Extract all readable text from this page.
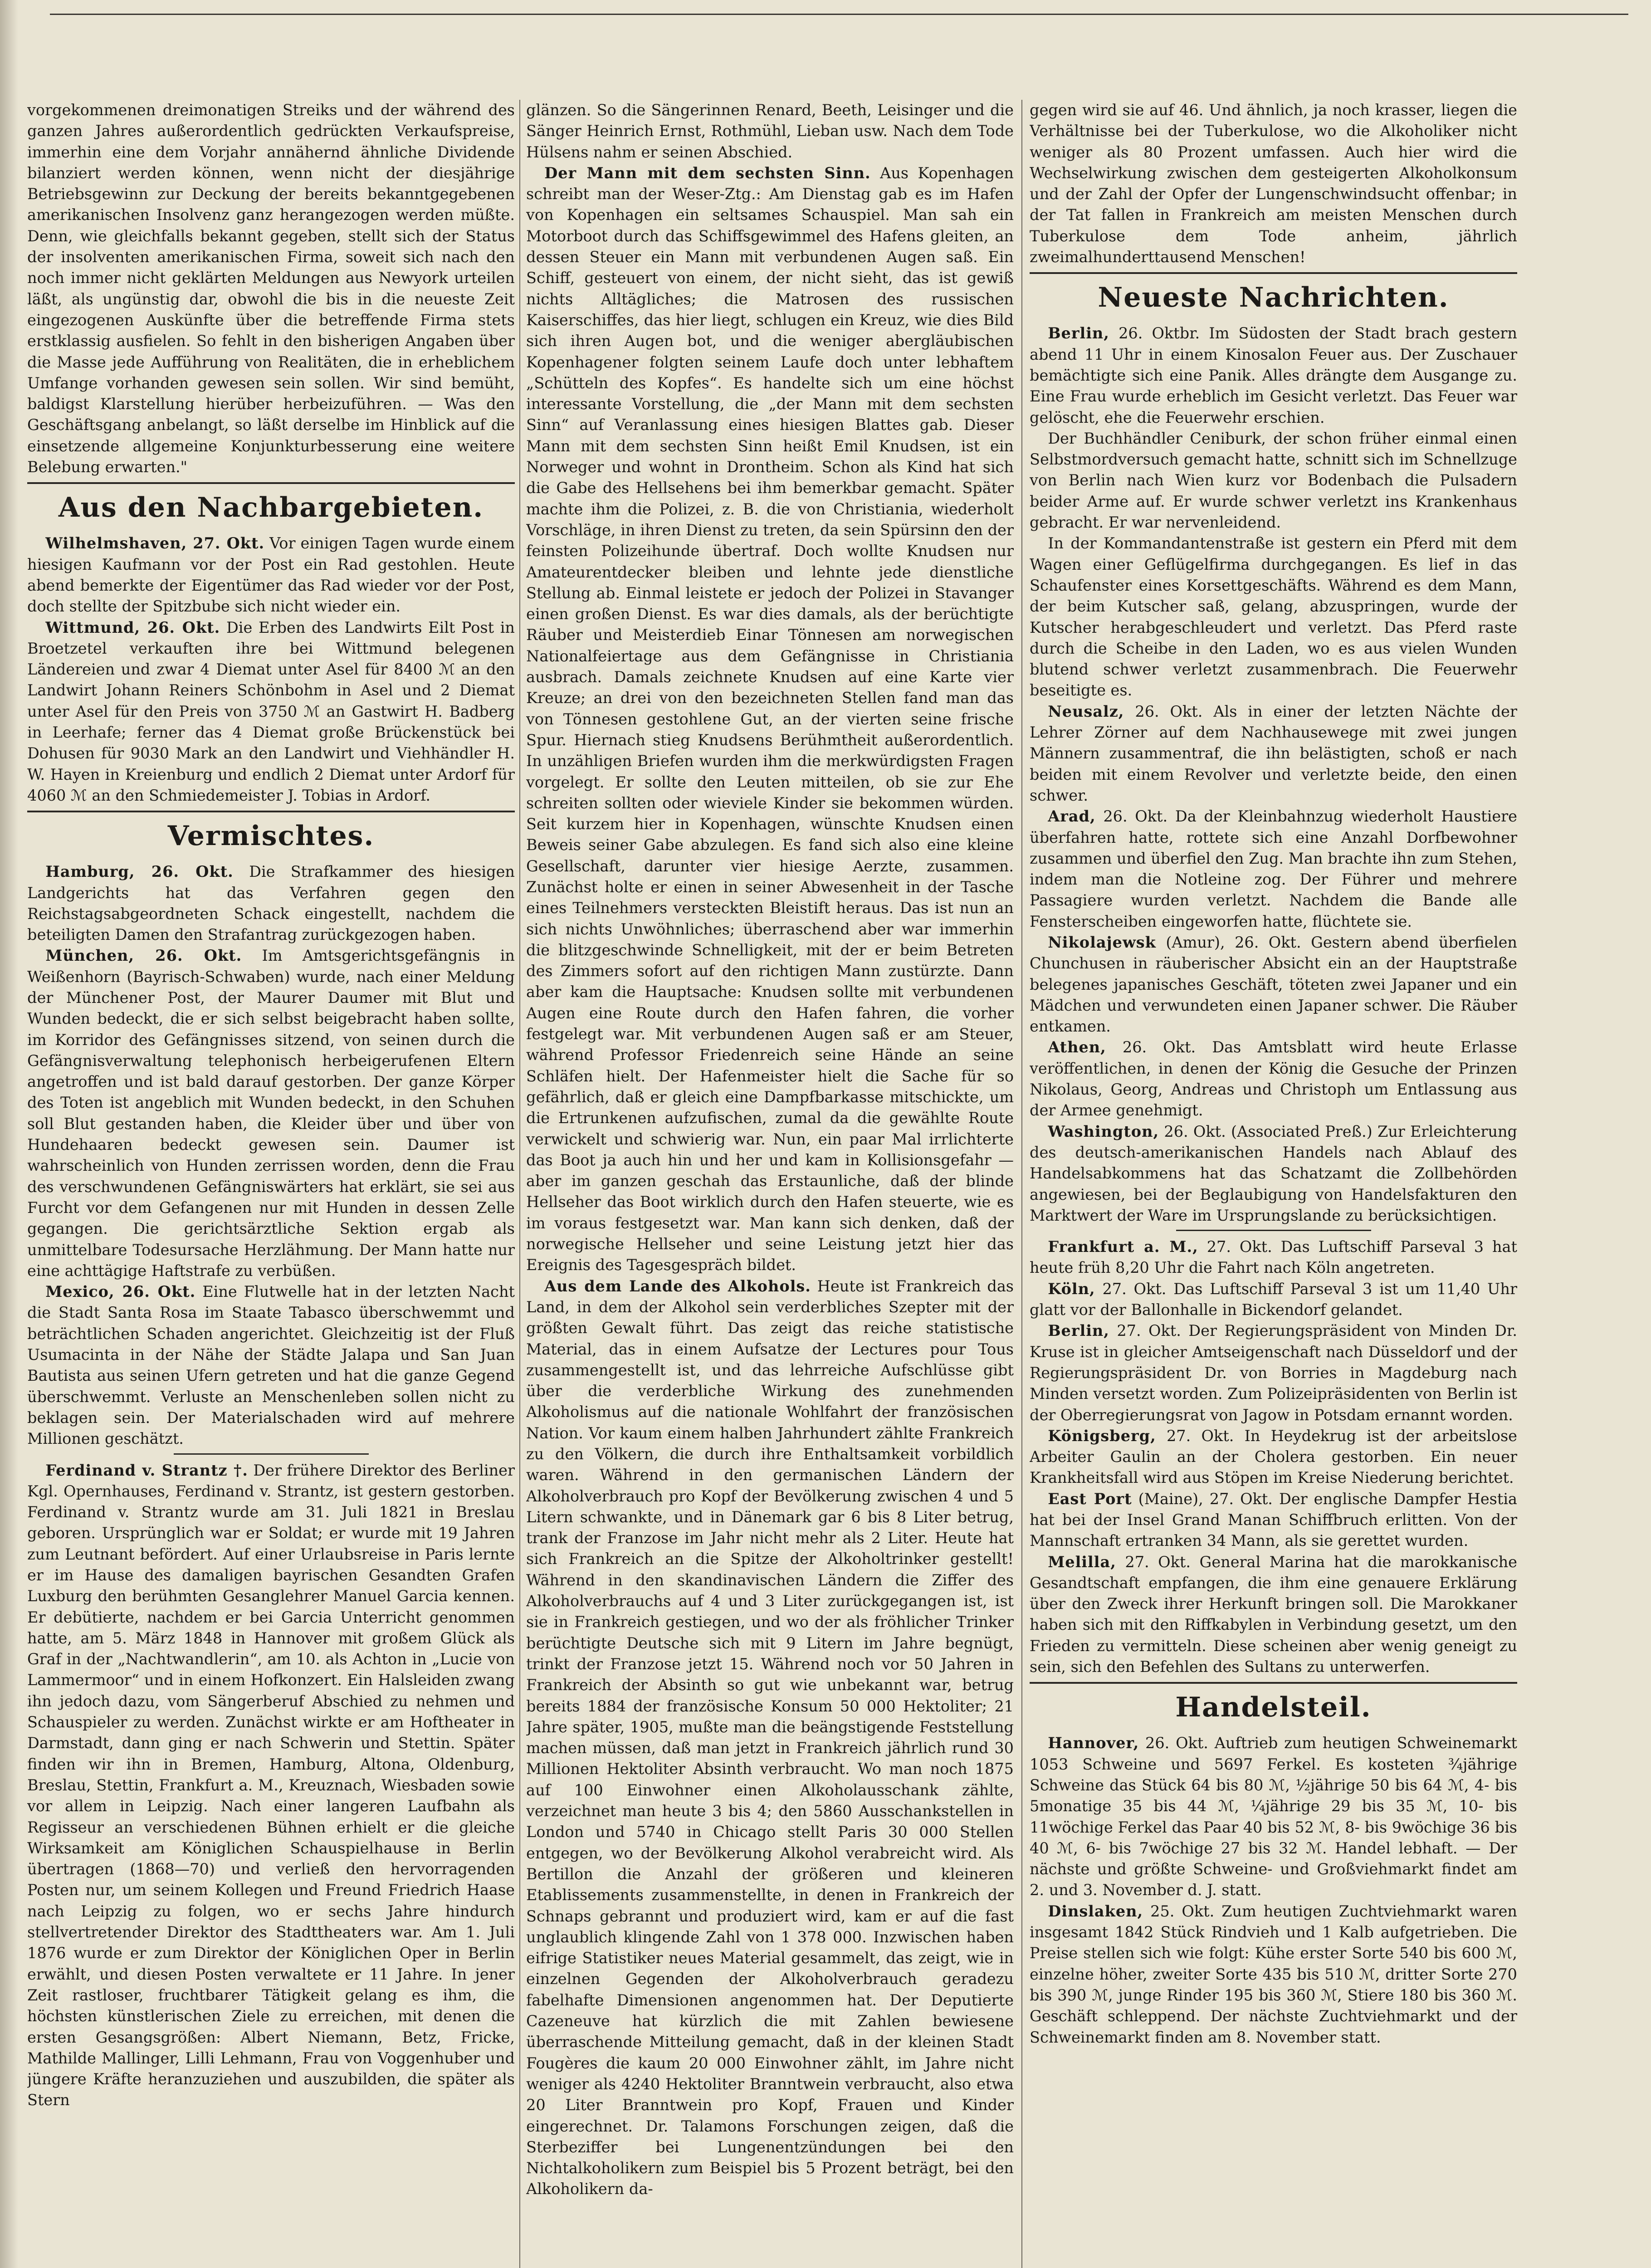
vorgekommenen dreimonatigen Streiks und der während des ganzen Jahres außerordentlich gedrückten Verkaufspreise, immerhin eine dem Vorjahr annähernd ähnliche Dividende bilanziert werden können, wenn nicht der diesjährige Betriebsgewinn zur Deckung der bereits bekanntgegebenen amerikanischen Insolvenz ganz herangezogen werden müßte. Denn, wie gleichfalls bekannt gegeben, stellt sich der Status der insolventen amerikanischen Firma, soweit sich nach den noch immer nicht geklärten Meldungen aus Newyork urteilen läßt, als ungünstig dar, obwohl die bis in die neueste Zeit eingezogenen Auskünfte über die betreffende Firma stets erstklassig ausfielen. So fehlt in den bisherigen Angaben über die Masse jede Aufführung von Realitäten, die in erheblichem Umfange vorhanden gewesen sein sollen. Wir sind bemüht, baldigst Klarstellung hierüber herbeizuführen. — Was den Geschäftsgang anbelangt, so läßt derselbe im Hinblick auf die einsetzende allgemeine Konjunkturbesserung eine weitere Belebung erwarten."

Aus den Nachbargebieten.

Wilhelmshaven, 27. Okt. Vor einigen Tagen wurde einem hiesigen Kaufmann vor der Post ein Rad gestohlen. Heute abend bemerkte der Eigentümer das Rad wieder vor der Post, doch stellte der Spitzbube sich nicht wieder ein.

Wittmund, 26. Okt. Die Erben des Landwirts Eilt Post in Broetzetel verkauften ihre bei Wittmund belegenen Ländereien und zwar 4 Diemat unter Asel für 8400 ℳ an den Landwirt Johann Reiners Schönbohm in Asel und 2 Diemat unter Asel für den Preis von 3750 ℳ an Gastwirt H. Badberg in Leerhafe; ferner das 4 Diemat große Brückenstück bei Dohusen für 9030 Mark an den Landwirt und Viehhändler H. W. Hayen in Kreienburg und endlich 2 Diemat unter Ardorf für 4060 ℳ an den Schmiedemeister J. Tobias in Ardorf.

Vermischtes.

Hamburg, 26. Okt. Die Strafkammer des hiesigen Landgerichts hat das Verfahren gegen den Reichstagsabgeordneten Schack eingestellt, nachdem die beteiligten Damen den Strafantrag zurückgezogen haben.

München, 26. Okt. Im Amtsgerichtsgefängnis in Weißenhorn (Bayrisch-Schwaben) wurde, nach einer Meldung der Münchener Post, der Maurer Daumer mit Blut und Wunden bedeckt, die er sich selbst beigebracht haben sollte, im Korridor des Gefängnisses sitzend, von seinen durch die Gefängnisverwaltung telephonisch herbeigerufenen Eltern angetroffen und ist bald darauf gestorben. Der ganze Körper des Toten ist angeblich mit Wunden bedeckt, in den Schuhen soll Blut gestanden haben, die Kleider über und über von Hundehaaren bedeckt gewesen sein. Daumer ist wahrscheinlich von Hunden zerrissen worden, denn die Frau des verschwundenen Gefängniswärters hat erklärt, sie sei aus Furcht vor dem Gefangenen nur mit Hunden in dessen Zelle gegangen. Die gerichtsärztliche Sektion ergab als unmittelbare Todesursache Herzlähmung. Der Mann hatte nur eine achttägige Haftstrafe zu verbüßen.

Mexico, 26. Okt. Eine Flutwelle hat in der letzten Nacht die Stadt Santa Rosa im Staate Tabasco überschwemmt und beträchtlichen Schaden angerichtet. Gleichzeitig ist der Fluß Usumacinta in der Nähe der Städte Jalapa und San Juan Bautista aus seinen Ufern getreten und hat die ganze Gegend überschwemmt. Verluste an Menschenleben sollen nicht zu beklagen sein. Der Materialschaden wird auf mehrere Millionen geschätzt.

Ferdinand v. Strantz †. Der frühere Direktor des Berliner Kgl. Opernhauses, Ferdinand v. Strantz, ist gestern gestorben. Ferdinand v. Strantz wurde am 31. Juli 1821 in Breslau geboren. Ursprünglich war er Soldat; er wurde mit 19 Jahren zum Leutnant befördert. Auf einer Urlaubsreise in Paris lernte er im Hause des damaligen bayrischen Gesandten Grafen Luxburg den berühmten Gesanglehrer Manuel Garcia kennen. Er debütierte, nachdem er bei Garcia Unterricht genommen hatte, am 5. März 1848 in Hannover mit großem Glück als Graf in der „Nachtwandlerin“, am 10. als Achton in „Lucie von Lammermoor“ und in einem Hofkonzert. Ein Halsleiden zwang ihn jedoch dazu, vom Sängerberuf Abschied zu nehmen und Schauspieler zu werden. Zunächst wirkte er am Hoftheater in Darmstadt, dann ging er nach Schwerin und Stettin. Später finden wir ihn in Bremen, Hamburg, Altona, Oldenburg, Breslau, Stettin, Frankfurt a. M., Kreuznach, Wiesbaden sowie vor allem in Leipzig. Nach einer langeren Laufbahn als Regisseur an verschiedenen Bühnen erhielt er die gleiche Wirksamkeit am Königlichen Schauspielhause in Berlin übertragen (1868—70) und verließ den hervorragenden Posten nur, um seinem Kollegen und Freund Friedrich Haase nach Leipzig zu folgen, wo er sechs Jahre hindurch stellvertretender Direktor des Stadttheaters war. Am 1. Juli 1876 wurde er zum Direktor der Königlichen Oper in Berlin erwählt, und diesen Posten verwaltete er 11 Jahre. In jener Zeit rastloser, fruchtbarer Tätigkeit gelang es ihm, die höchsten künstlerischen Ziele zu erreichen, mit denen die ersten Gesangsgrößen: Albert Niemann, Betz, Fricke, Mathilde Mallinger, Lilli Lehmann, Frau von Voggenhuber und jüngere Kräfte heranzuziehen und auszubilden, die später als Stern

glänzen. So die Sängerinnen Renard, Beeth, Leisinger und die Sänger Heinrich Ernst, Rothmühl, Lieban usw. Nach dem Tode Hülsens nahm er seinen Abschied.

Der Mann mit dem sechsten Sinn. Aus Kopenhagen schreibt man der Weser-Ztg.: Am Dienstag gab es im Hafen von Kopenhagen ein seltsames Schauspiel. Man sah ein Motorboot durch das Schiffsgewimmel des Hafens gleiten, an dessen Steuer ein Mann mit verbundenen Augen saß. Ein Schiff, gesteuert von einem, der nicht sieht, das ist gewiß nichts Alltägliches; die Matrosen des russischen Kaiserschiffes, das hier liegt, schlugen ein Kreuz, wie dies Bild sich ihren Augen bot, und die weniger abergläubischen Kopenhagener folgten seinem Laufe doch unter lebhaftem „Schütteln des Kopfes“. Es handelte sich um eine höchst interessante Vorstellung, die „der Mann mit dem sechsten Sinn“ auf Veranlassung eines hiesigen Blattes gab. Dieser Mann mit dem sechsten Sinn heißt Emil Knudsen, ist ein Norweger und wohnt in Drontheim. Schon als Kind hat sich die Gabe des Hellsehens bei ihm bemerkbar gemacht. Später machte ihm die Polizei, z. B. die von Christiania, wiederholt Vorschläge, in ihren Dienst zu treten, da sein Spürsinn den der feinsten Polizeihunde übertraf. Doch wollte Knudsen nur Amateurentdecker bleiben und lehnte jede dienstliche Stellung ab. Einmal leistete er jedoch der Polizei in Stavanger einen großen Dienst. Es war dies damals, als der berüchtigte Räuber und Meisterdieb Einar Tönnesen am norwegischen Nationalfeiertage aus dem Gefängnisse in Christiania ausbrach. Damals zeichnete Knudsen auf eine Karte vier Kreuze; an drei von den bezeichneten Stellen fand man das von Tönnesen gestohlene Gut, an der vierten seine frische Spur. Hiernach stieg Knudsens Berühmtheit außerordentlich. In unzähligen Briefen wurden ihm die merkwürdigsten Fragen vorgelegt. Er sollte den Leuten mitteilen, ob sie zur Ehe schreiten sollten oder wieviele Kinder sie bekommen würden. Seit kurzem hier in Kopenhagen, wünschte Knudsen einen Beweis seiner Gabe abzulegen. Es fand sich also eine kleine Gesellschaft, darunter vier hiesige Aerzte, zusammen. Zunächst holte er einen in seiner Abwesenheit in der Tasche eines Teilnehmers versteckten Bleistift heraus. Das ist nun an sich nichts Unwöhnliches; überraschend aber war immerhin die blitzgeschwinde Schnelligkeit, mit der er beim Betreten des Zimmers sofort auf den richtigen Mann zustürzte. Dann aber kam die Hauptsache: Knudsen sollte mit verbundenen Augen eine Route durch den Hafen fahren, die vorher festgelegt war. Mit verbundenen Augen saß er am Steuer, während Professor Friedenreich seine Hände an seine Schläfen hielt. Der Hafenmeister hielt die Sache für so gefährlich, daß er gleich eine Dampfbarkasse mitschickte, um die Ertrunkenen aufzufischen, zumal da die gewählte Route verwickelt und schwierig war. Nun, ein paar Mal irrlichterte das Boot ja auch hin und her und kam in Kollisionsgefahr — aber im ganzen geschah das Erstaunliche, daß der blinde Hellseher das Boot wirklich durch den Hafen steuerte, wie es im voraus festgesetzt war. Man kann sich denken, daß der norwegische Hellseher und seine Leistung jetzt hier das Ereignis des Tagesgespräch bildet.

Aus dem Lande des Alkohols. Heute ist Frankreich das Land, in dem der Alkohol sein verderbliches Szepter mit der größten Gewalt führt. Das zeigt das reiche statistische Material, das in einem Aufsatze der Lectures pour Tous zusammengestellt ist, und das lehrreiche Aufschlüsse gibt über die verderbliche Wirkung des zunehmenden Alkoholismus auf die nationale Wohlfahrt der französischen Nation. Vor kaum einem halben Jahrhundert zählte Frankreich zu den Völkern, die durch ihre Enthaltsamkeit vorbildlich waren. Während in den germanischen Ländern der Alkoholverbrauch pro Kopf der Bevölkerung zwischen 4 und 5 Litern schwankte, und in Dänemark gar 6 bis 8 Liter betrug, trank der Franzose im Jahr nicht mehr als 2 Liter. Heute hat sich Frankreich an die Spitze der Alkoholtrinker gestellt! Während in den skandinavischen Ländern die Ziffer des Alkoholverbrauchs auf 4 und 3 Liter zurückgegangen ist, ist sie in Frankreich gestiegen, und wo der als fröhlicher Trinker berüchtigte Deutsche sich mit 9 Litern im Jahre begnügt, trinkt der Franzose jetzt 15. Während noch vor 50 Jahren in Frankreich der Absinth so gut wie unbekannt war, betrug bereits 1884 der französische Konsum 50 000 Hektoliter; 21 Jahre später, 1905, mußte man die beängstigende Feststellung machen müssen, daß man jetzt in Frankreich jährlich rund 30 Millionen Hektoliter Absinth verbraucht. Wo man noch 1875 auf 100 Einwohner einen Alkoholausschank zählte, verzeichnet man heute 3 bis 4; den 5860 Ausschankstellen in London und 5740 in Chicago stellt Paris 30 000 Stellen entgegen, wo der Bevölkerung Alkohol verabreicht wird. Als Bertillon die Anzahl der größeren und kleineren Etablissements zusammenstellte, in denen in Frankreich der Schnaps gebrannt und produziert wird, kam er auf die fast unglaublich klingende Zahl von 1 378 000. Inzwischen haben eifrige Statistiker neues Material gesammelt, das zeigt, wie in einzelnen Gegenden der Alkoholverbrauch geradezu fabelhafte Dimensionen angenommen hat. Der Deputierte Cazeneuve hat kürzlich die mit Zahlen bewiesene überraschende Mitteilung gemacht, daß in der kleinen Stadt Fougères die kaum 20 000 Einwohner zählt, im Jahre nicht weniger als 4240 Hektoliter Branntwein verbraucht, also etwa 20 Liter Branntwein pro Kopf, Frauen und Kinder eingerechnet. Dr. Talamons Forschungen zeigen, daß die Sterbeziffer bei Lungenentzündungen bei den Nichtalkoholikern zum Beispiel bis 5 Prozent beträgt, bei den Alkoholikern da-

gegen wird sie auf 46. Und ähnlich, ja noch krasser, liegen die Verhältnisse bei der Tuberkulose, wo die Alkoholiker nicht weniger als 80 Prozent umfassen. Auch hier wird die Wechselwirkung zwischen dem gesteigerten Alkoholkonsum und der Zahl der Opfer der Lungenschwindsucht offenbar; in der Tat fallen in Frankreich am meisten Menschen durch Tuberkulose dem Tode anheim, jährlich zweimalhunderttausend Menschen!

Neueste Nachrichten.

Berlin, 26. Oktbr. Im Südosten der Stadt brach gestern abend 11 Uhr in einem Kinosalon Feuer aus. Der Zuschauer bemächtigte sich eine Panik. Alles drängte dem Ausgange zu. Eine Frau wurde erheblich im Gesicht verletzt. Das Feuer war gelöscht, ehe die Feuerwehr erschien.

Der Buchhändler Ceniburk, der schon früher einmal einen Selbstmordversuch gemacht hatte, schnitt sich im Schnellzuge von Berlin nach Wien kurz vor Bodenbach die Pulsadern beider Arme auf. Er wurde schwer verletzt ins Krankenhaus gebracht. Er war nervenleidend.

In der Kommandantenstraße ist gestern ein Pferd mit dem Wagen einer Geflügelfirma durchgegangen. Es lief in das Schaufenster eines Korsettgeschäfts. Während es dem Mann, der beim Kutscher saß, gelang, abzuspringen, wurde der Kutscher herabgeschleudert und verletzt. Das Pferd raste durch die Scheibe in den Laden, wo es aus vielen Wunden blutend schwer verletzt zusammenbrach. Die Feuerwehr beseitigte es.

Neusalz, 26. Okt. Als in einer der letzten Nächte der Lehrer Zörner auf dem Nachhausewege mit zwei jungen Männern zusammentraf, die ihn belästigten, schoß er nach beiden mit einem Revolver und verletzte beide, den einen schwer.

Arad, 26. Okt. Da der Kleinbahnzug wiederholt Haustiere überfahren hatte, rottete sich eine Anzahl Dorfbewohner zusammen und überfiel den Zug. Man brachte ihn zum Stehen, indem man die Notleine zog. Der Führer und mehrere Passagiere wurden verletzt. Nachdem die Bande alle Fensterscheiben eingeworfen hatte, flüchtete sie.

Nikolajewsk (Amur), 26. Okt. Gestern abend überfielen Chunchusen in räuberischer Absicht ein an der Hauptstraße belegenes japanisches Geschäft, töteten zwei Japaner und ein Mädchen und verwundeten einen Japaner schwer. Die Räuber entkamen.

Athen, 26. Okt. Das Amtsblatt wird heute Erlasse veröffentlichen, in denen der König die Gesuche der Prinzen Nikolaus, Georg, Andreas und Christoph um Entlassung aus der Armee genehmigt.

Washington, 26. Okt. (Associated Preß.) Zur Erleichterung des deutsch-amerikanischen Handels nach Ablauf des Handelsabkommens hat das Schatzamt die Zollbehörden angewiesen, bei der Beglaubigung von Handelsfakturen den Marktwert der Ware im Ursprungslande zu berücksichtigen.

Frankfurt a. M., 27. Okt. Das Luftschiff Parseval 3 hat heute früh 8,20 Uhr die Fahrt nach Köln angetreten.

Köln, 27. Okt. Das Luftschiff Parseval 3 ist um 11,40 Uhr glatt vor der Ballonhalle in Bickendorf gelandet.

Berlin, 27. Okt. Der Regierungspräsident von Minden Dr. Kruse ist in gleicher Amtseigenschaft nach Düsseldorf und der Regierungspräsident Dr. von Borries in Magdeburg nach Minden versetzt worden. Zum Polizeipräsidenten von Berlin ist der Oberregierungsrat von Jagow in Potsdam ernannt worden.

Königsberg, 27. Okt. In Heydekrug ist der arbeitslose Arbeiter Gaulin an der Cholera gestorben. Ein neuer Krankheitsfall wird aus Stöpen im Kreise Niederung berichtet.

East Port (Maine), 27. Okt. Der englische Dampfer Hestia hat bei der Insel Grand Manan Schiffbruch erlitten. Von der Mannschaft ertranken 34 Mann, als sie gerettet wurden.

Melilla, 27. Okt. General Marina hat die marokkanische Gesandtschaft empfangen, die ihm eine genauere Erklärung über den Zweck ihrer Herkunft bringen soll. Die Marokkaner haben sich mit den Riffkabylen in Verbindung gesetzt, um den Frieden zu vermitteln. Diese scheinen aber wenig geneigt zu sein, sich den Befehlen des Sultans zu unterwerfen.

Handelsteil.

Hannover, 26. Okt. Auftrieb zum heutigen Schweinemarkt 1053 Schweine und 5697 Ferkel. Es kosteten ¾jährige Schweine das Stück 64 bis 80 ℳ, ½jährige 50 bis 64 ℳ, 4- bis 5monatige 35 bis 44 ℳ, ¼jährige 29 bis 35 ℳ, 10- bis 11wöchige Ferkel das Paar 40 bis 52 ℳ, 8- bis 9wöchige 36 bis 40 ℳ, 6- bis 7wöchige 27 bis 32 ℳ. Handel lebhaft. — Der nächste und größte Schweine- und Großviehmarkt findet am 2. und 3. November d. J. statt.

Dinslaken, 25. Okt. Zum heutigen Zuchtviehmarkt waren insgesamt 1842 Stück Rindvieh und 1 Kalb aufgetrieben. Die Preise stellen sich wie folgt: Kühe erster Sorte 540 bis 600 ℳ, einzelne höher, zweiter Sorte 435 bis 510 ℳ, dritter Sorte 270 bis 390 ℳ, junge Rinder 195 bis 360 ℳ, Stiere 180 bis 360 ℳ. Geschäft schleppend. Der nächste Zuchtviehmarkt und der Schweinemarkt finden am 8. November statt.
